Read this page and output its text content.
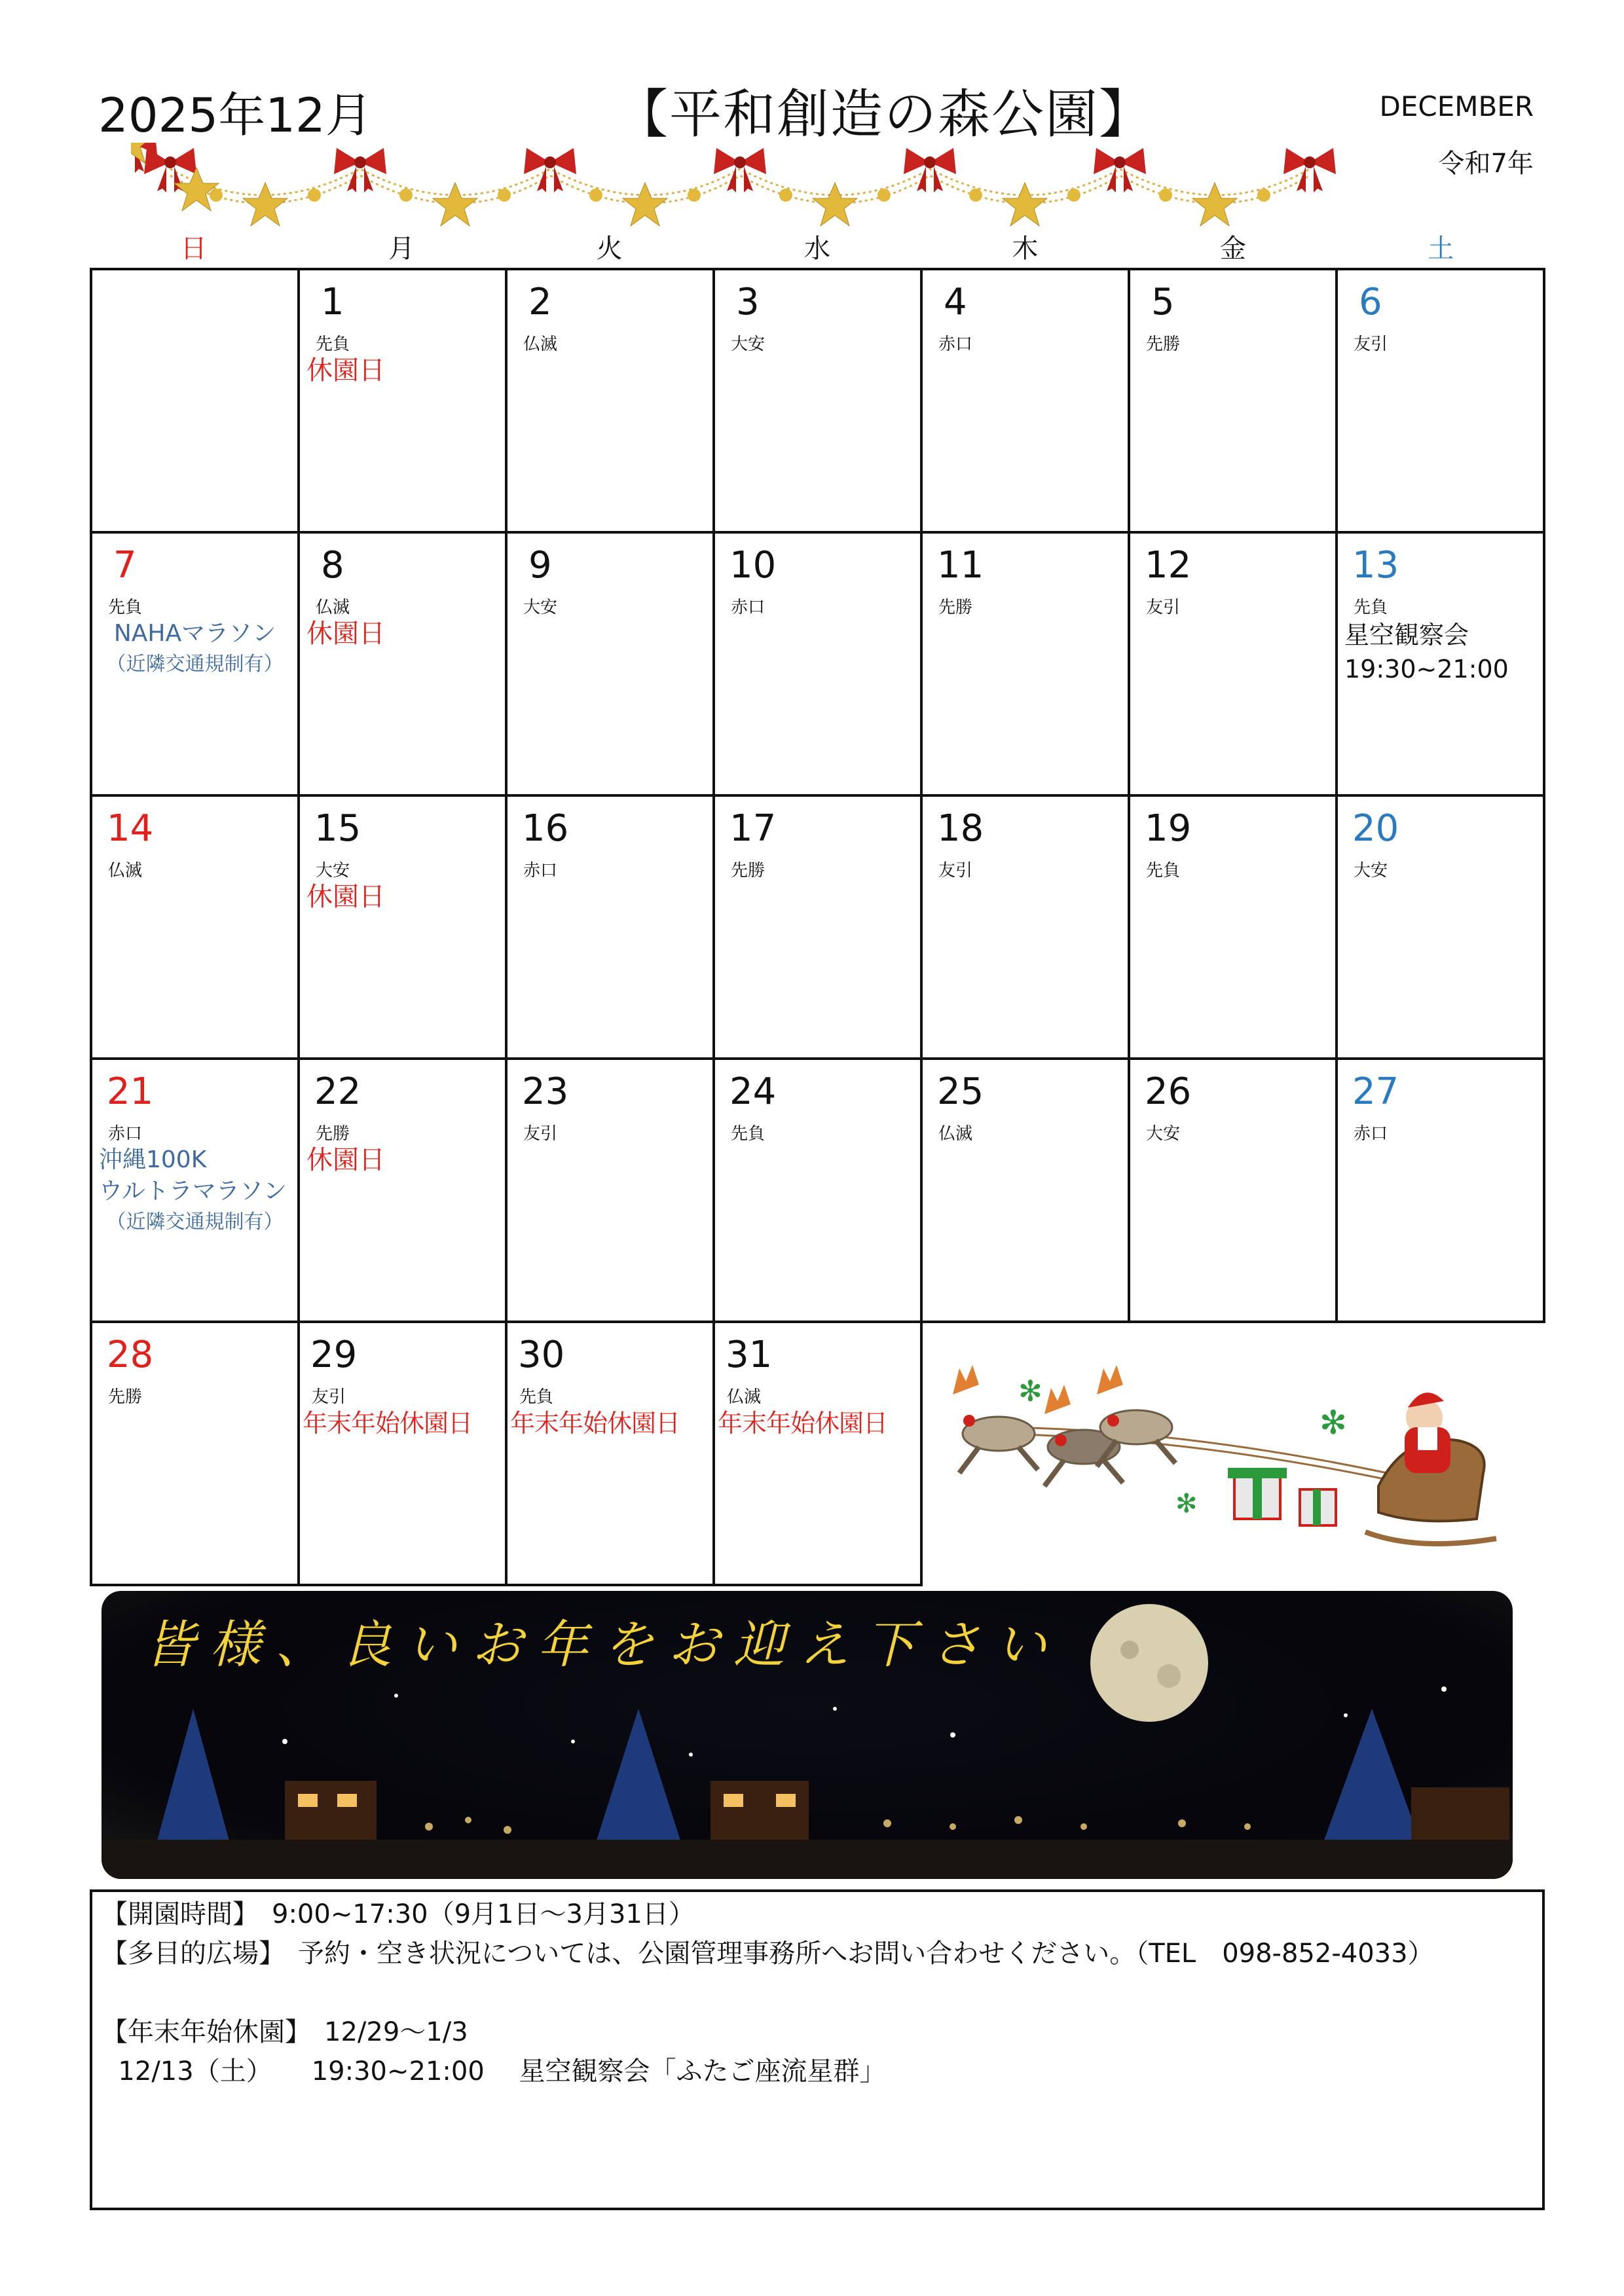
2025年12月	【平和創造の森公園】	DECEMBER
令和7年
日	月	火	水	木	金	土

	1
先負
休園日	2
仏滅	3
大安	4
赤口	5
先勝	6
友引

7
先負
NAHAマラソン
（近隣交通規制有）	8
仏滅
休園日	9
大安	10
赤口	11
先勝	12
友引	13
先負
星空観察会
19:30~21:00

14
仏滅	15
大安
休園日	16
赤口	17
先勝	18
友引	19
先負	20
大安

21
赤口
沖縄100K
ウルトラマラソン
（近隣交通規制有）	22
先勝
休園日	23
友引	24
先負	25
仏滅	26
大安	27
赤口

28
先勝	29
友引
年末年始休園日	30
先負
年末年始休園日	31
仏滅
年末年始休園日			

✻
✻
✻
皆様、良いお年をお迎え下さい
【開園時間】　9:00~17:30（9月1日～3月31日）
【多目的広場】　予約・空き状況については、公園管理事務所へお問い合わせください。（TEL　098-852-4033）
【年末年始休園】　12/29～1/3
12/13（土）　　19:30~21:00　 星空観察会「ふたご座流星群」
